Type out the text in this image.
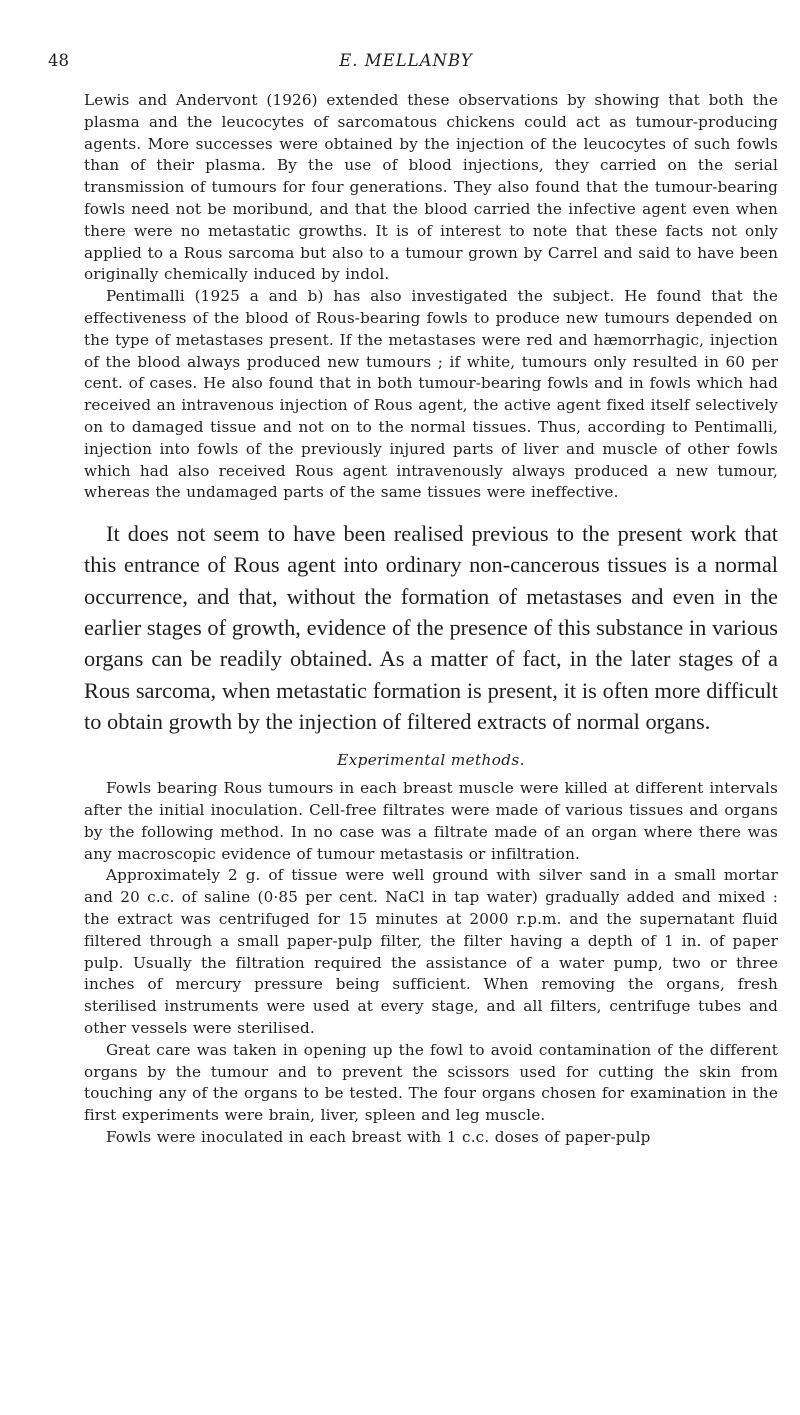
48	E. MELLANBY

Lewis and Andervont (1926) extended these observations by showing that both the plasma and the leucocytes of sarcomatous chickens could act as tumour-producing agents. More successes were obtained by the injection of the leucocytes of such fowls than of their plasma. By the use of blood injections, they carried on the serial transmission of tumours for four generations. They also found that the tumour-bearing fowls need not be moribund, and that the blood carried the infective agent even when there were no metastatic growths. It is of interest to note that these facts not only applied to a Rous sarcoma but also to a tumour grown by Carrel and said to have been originally chemically induced by indol.

Pentimalli (1925 a and b) has also investigated the subject. He found that the effectiveness of the blood of Rous-bearing fowls to produce new tumours depended on the type of metastases present. If the metastases were red and hæmorrhagic, injection of the blood always produced new tumours ; if white, tumours only resulted in 60 per cent. of cases. He also found that in both tumour-bearing fowls and in fowls which had received an intravenous injection of Rous agent, the active agent fixed itself selectively on to damaged tissue and not on to the normal tissues. Thus, according to Pentimalli, injection into fowls of the previously injured parts of liver and muscle of other fowls which had also received Rous agent intravenously always produced a new tumour, whereas the undamaged parts of the same tissues were ineffective.

It does not seem to have been realised previous to the present work that this entrance of Rous agent into ordinary non-cancerous tissues is a normal occurrence, and that, without the formation of metastases and even in the earlier stages of growth, evidence of the presence of this substance in various organs can be readily obtained. As a matter of fact, in the later stages of a Rous sarcoma, when metastatic formation is present, it is often more difficult to obtain growth by the injection of filtered extracts of normal organs.

Experimental methods.

Fowls bearing Rous tumours in each breast muscle were killed at different intervals after the initial inoculation. Cell-free filtrates were made of various tissues and organs by the following method. In no case was a filtrate made of an organ where there was any macroscopic evidence of tumour metastasis or infiltration.

Approximately 2 g. of tissue were well ground with silver sand in a small mortar and 20 c.c. of saline (0·85 per cent. NaCl in tap water) gradually added and mixed : the extract was centrifuged for 15 minutes at 2000 r.p.m. and the supernatant fluid filtered through a small paper-pulp filter, the filter having a depth of 1 in. of paper pulp. Usually the filtration required the assistance of a water pump, two or three inches of mercury pressure being sufficient. When removing the organs, fresh sterilised instruments were used at every stage, and all filters, centrifuge tubes and other vessels were sterilised.

Great care was taken in opening up the fowl to avoid contamination of the different organs by the tumour and to prevent the scissors used for cutting the skin from touching any of the organs to be tested. The four organs chosen for examination in the first experiments were brain, liver, spleen and leg muscle.

Fowls were inoculated in each breast with 1 c.c. doses of paper-pulp
